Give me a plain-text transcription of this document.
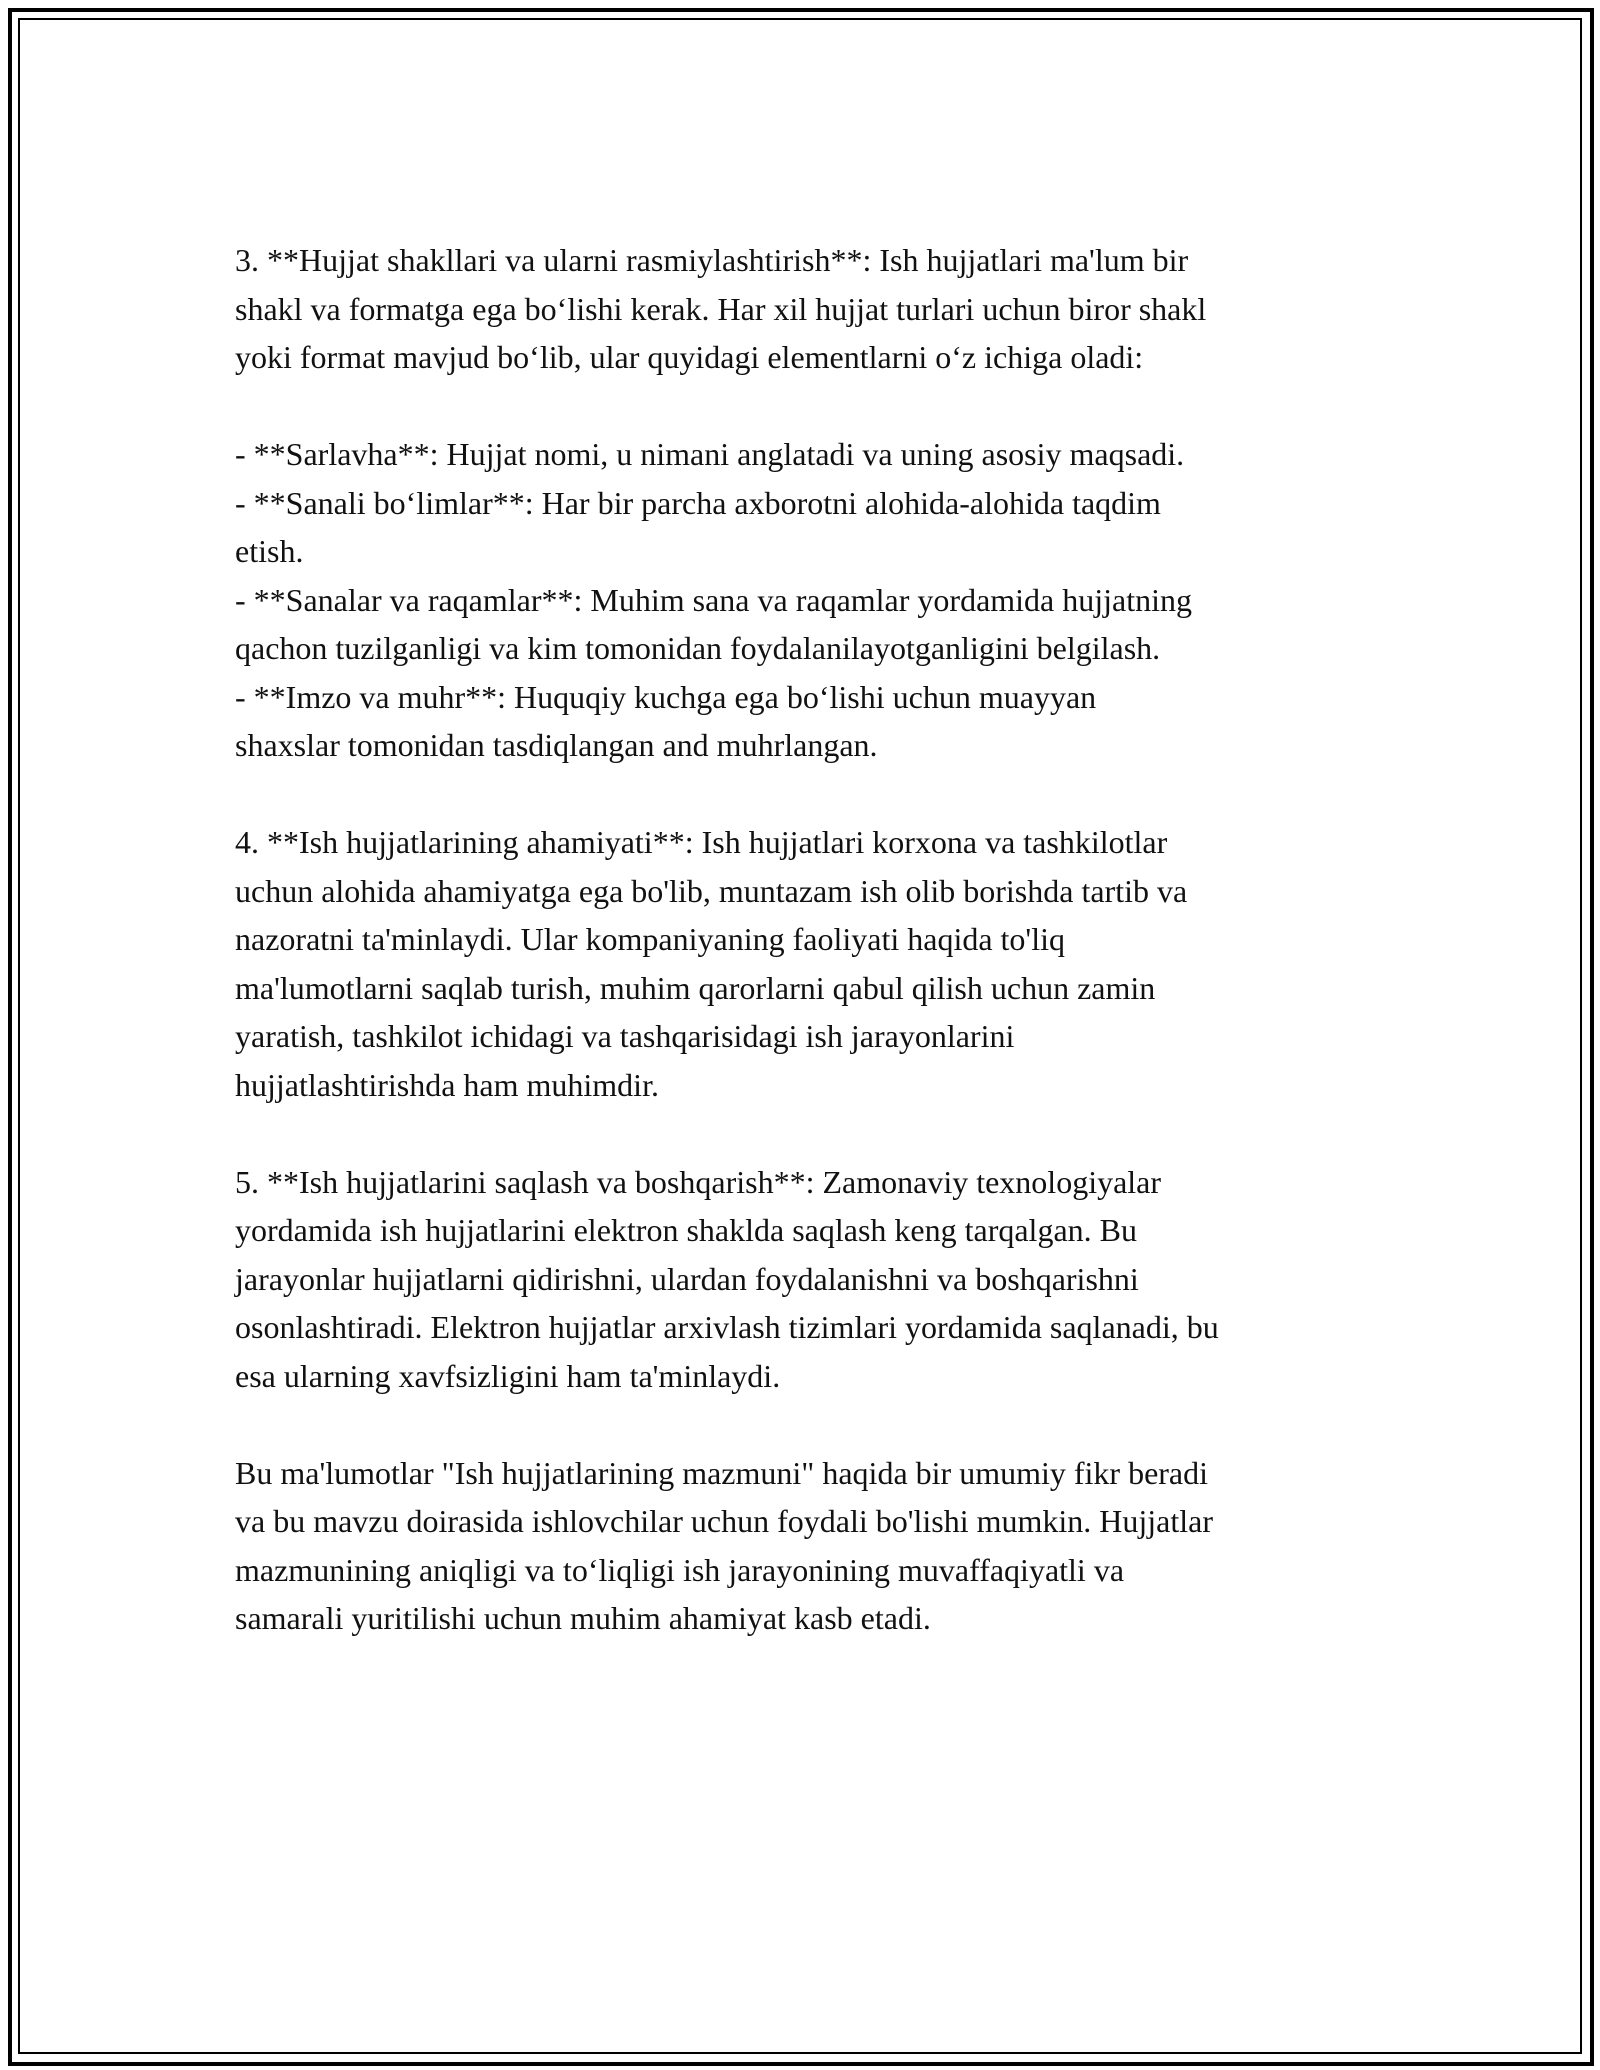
3. **Hujjat shakllari va ularni rasmiylashtirish**: Ish hujjatlari ma'lum bir
shakl va formatga ega bo‘lishi kerak. Har xil hujjat turlari uchun biror shakl
yoki format mavjud bo‘lib, ular quyidagi elementlarni o‘z ichiga oladi:

- **Sarlavha**: Hujjat nomi, u nimani anglatadi va uning asosiy maqsadi.

- **Sanali bo‘limlar**: Har bir parcha axborotni alohida-alohida taqdim
etish.

- **Sanalar va raqamlar**: Muhim sana va raqamlar yordamida hujjatning
qachon tuzilganligi va kim tomonidan foydalanilayotganligini belgilash.

- **Imzo va muhr**: Huquqiy kuchga ega bo‘lishi uchun muayyan
shaxslar tomonidan tasdiqlangan and muhrlangan.

4. **Ish hujjatlarining ahamiyati**: Ish hujjatlari korxona va tashkilotlar
uchun alohida ahamiyatga ega bo'lib, muntazam ish olib borishda tartib va
nazoratni ta'minlaydi. Ular kompaniyaning faoliyati haqida to'liq
ma'lumotlarni saqlab turish, muhim qarorlarni qabul qilish uchun zamin
yaratish, tashkilot ichidagi va tashqarisidagi ish jarayonlarini
hujjatlashtirishda ham muhimdir.

5. **Ish hujjatlarini saqlash va boshqarish**: Zamonaviy texnologiyalar
yordamida ish hujjatlarini elektron shaklda saqlash keng tarqalgan. Bu
jarayonlar hujjatlarni qidirishni, ulardan foydalanishni va boshqarishni
osonlashtiradi. Elektron hujjatlar arxivlash tizimlari yordamida saqlanadi, bu
esa ularning xavfsizligini ham ta'minlaydi.

Bu ma'lumotlar "Ish hujjatlarining mazmuni" haqida bir umumiy fikr beradi
va bu mavzu doirasida ishlovchilar uchun foydali bo'lishi mumkin. Hujjatlar
mazmunining aniqligi va to‘liqligi ish jarayonining muvaffaqiyatli va
samarali yuritilishi uchun muhim ahamiyat kasb etadi.
